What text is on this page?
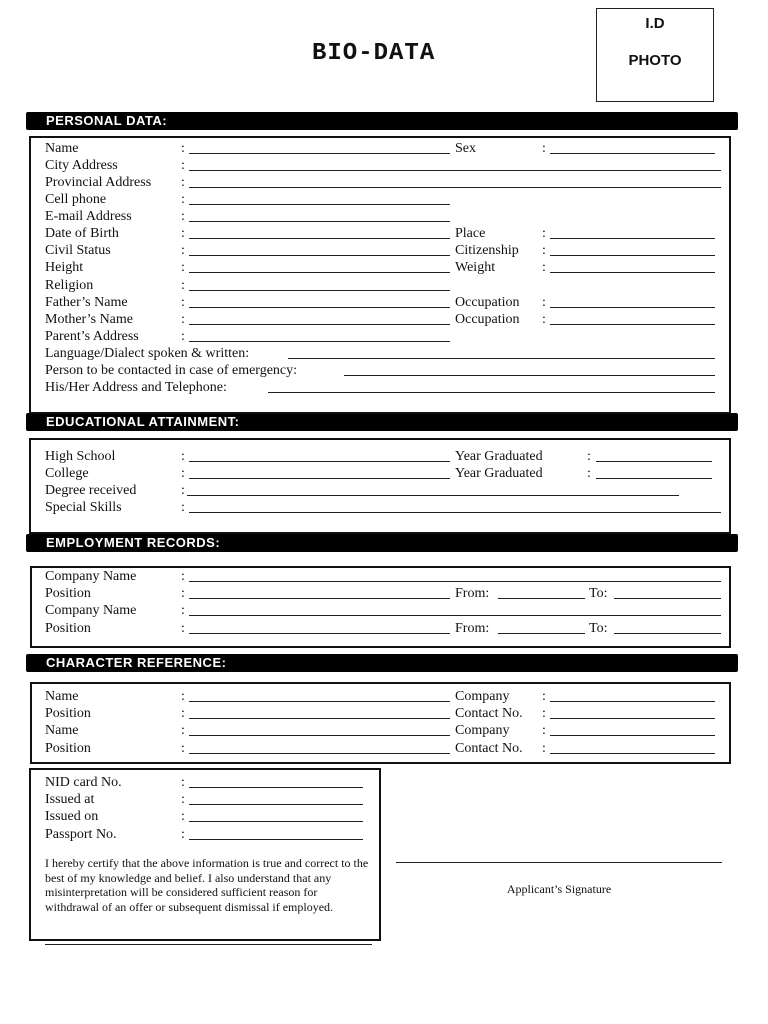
BIO-DATA
I.D
PHOTO
PERSONAL DATA:
EDUCATIONAL ATTAINMENT:
EMPLOYMENT RECORDS:
CHARACTER REFERENCE:
Name	:	Sex	:
City Address	:
Provincial Address :
Cell phone	:
E-mail Address	:
Date of Birth	:	Place	:
Civil Status	:	Citizenship :
Height	:	Weight	:
Religion	:
Father’s Name	:	Occupation :
Mother’s Name	:	Occupation :
Parent’s Address	:
Language/Dialect spoken & written:
Person to be contacted in case of emergency:
His/Her Address and Telephone:
High School	:	Year Graduated	:
College	:	Year Graduated	:
Degree received	:
Special Skills	:
Company Name	:
Position	:	From:	To:
Company Name	:
Position	:	From:	To:
Name	:	Company :
Position	:	Contact No. :
Name	:	Company :
Position	:	Contact No. :
NID card No.	:
Issued at	:
Issued on	:
Passport No.	:
I hereby certify that the above information is true and correct to the best of my knowledge and belief. I also understand that any misinterpretation will be considered sufficient reason for withdrawal of an offer or subsequent dismissal if employed.
Applicant’s Signature
